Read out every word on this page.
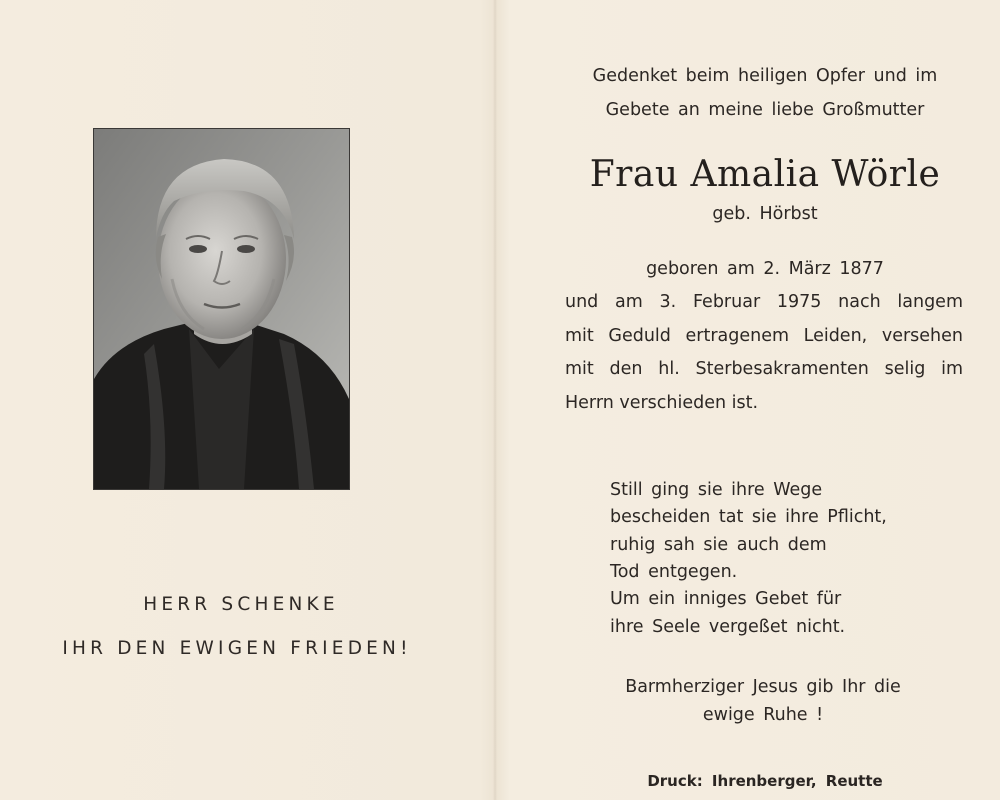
HERR SCHENKE
IHR DEN EWIGEN FRIEDEN!
Gedenket beim heiligen Opfer und im
Gebete an meine liebe Großmutter
Frau Amalia Wörle
geb. Hörbst
geboren am 2. März 1877
und am 3. Februar 1975 nach langem
mit Geduld ertragenem Leiden, versehen
mit den hl. Sterbesakramenten selig im
Herrn verschieden ist.
Still ging sie ihre Wege
bescheiden tat sie ihre Pflicht,
ruhig sah sie auch dem
Tod entgegen.
Um ein inniges Gebet für
ihre Seele vergeßet nicht.
Barmherziger Jesus gib Ihr die
ewige Ruhe !
Druck: Ihrenberger, Reutte
